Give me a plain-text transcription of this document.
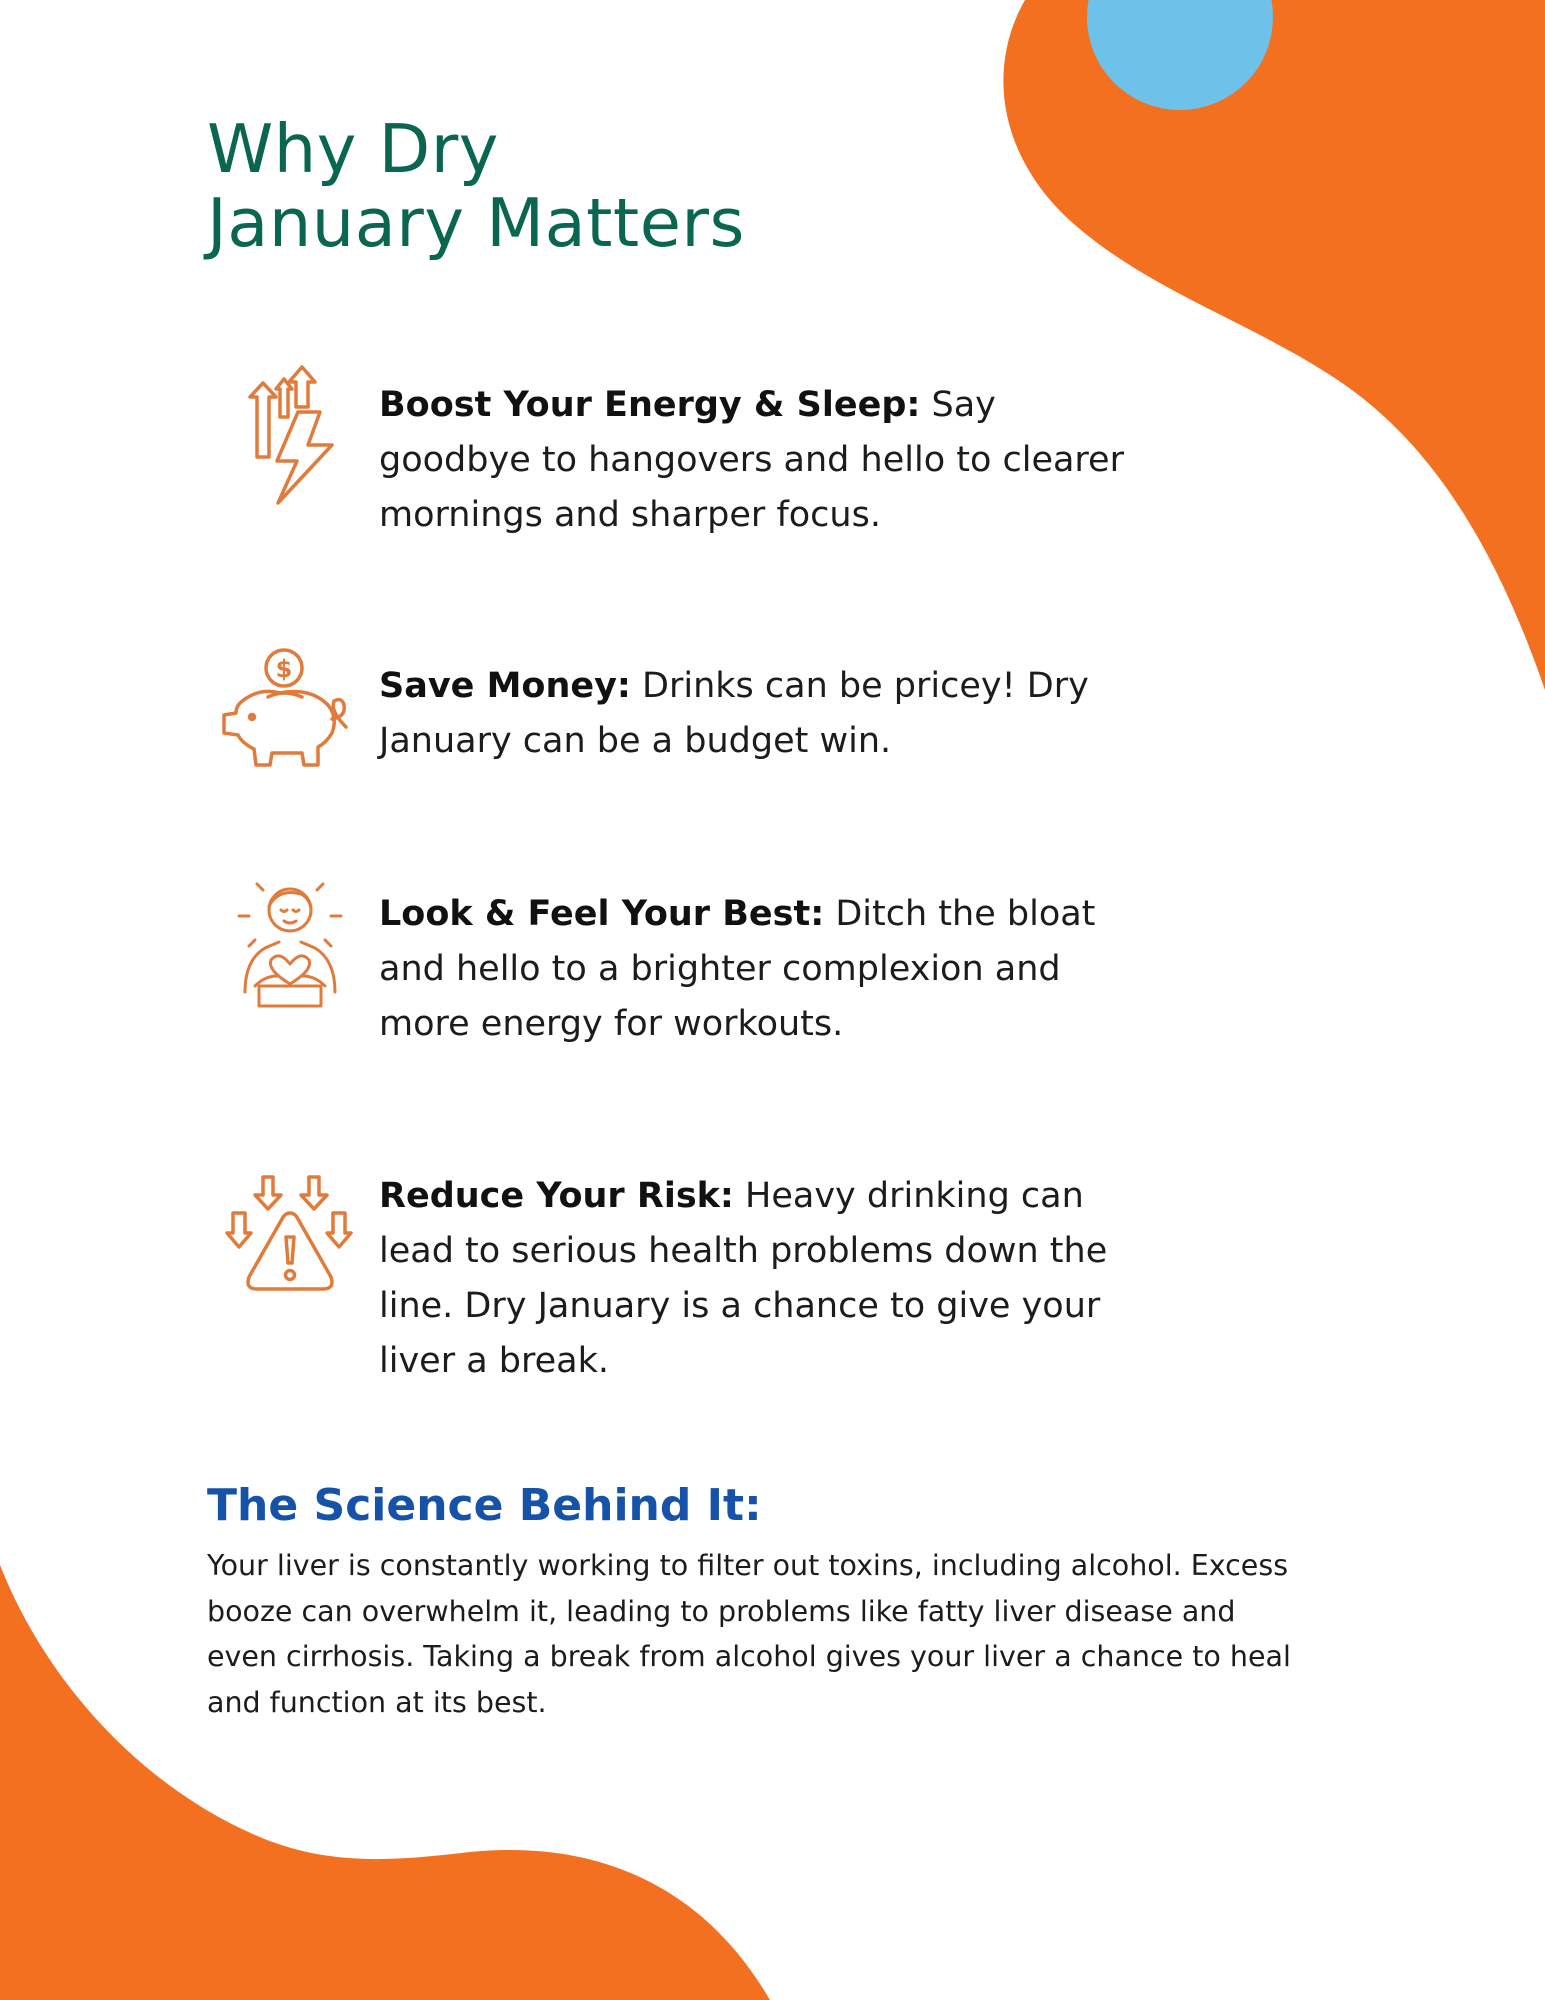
Why Dry
January Matters

Boost Your Energy & Sleep: Say goodbye to hangovers and hello to clearer mornings and sharper focus.

$ Save Money: Drinks can be pricey! Dry January can be a budget win.

Look & Feel Your Best: Ditch the bloat and hello to a brighter complexion and more energy for workouts.

Reduce Your Risk: Heavy drinking can lead to serious health problems down the line. Dry January is a chance to give your liver a break.

The Science Behind It:

Your liver is constantly working to filter out toxins, including alcohol. Excess booze can overwhelm it, leading to problems like fatty liver disease and even cirrhosis. Taking a break from alcohol gives your liver a chance to heal and function at its best.
